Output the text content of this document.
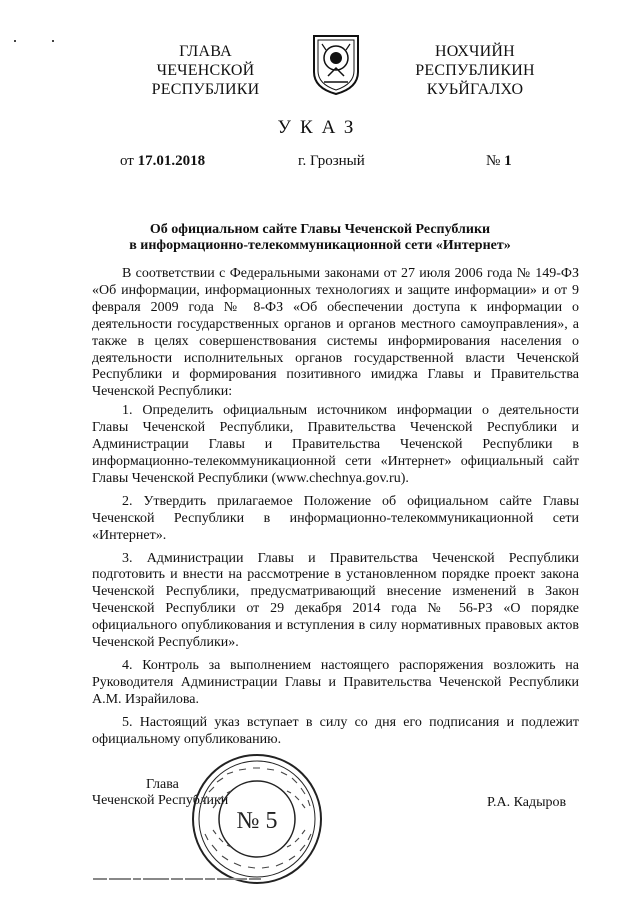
ГЛАВА
ЧЕЧЕНСКОЙ РЕСПУБЛИКИ
НОХЧИЙН РЕСПУБЛИКИН
КУЬЙГАЛХО
УКАЗ
от 17.01.2018	г. Грозный	№ 1
Об официальном сайте Главы Чеченской Республики
в информационно-телекоммуникационной сети «Интернет»

В соответствии с Федеральными законами от 27 июля 2006 года № 149-ФЗ «Об информации, информационных технологиях и защите информации» и от 9 февраля 2009 года № 8-ФЗ «Об обеспечении доступа к информации о деятельности государственных органов и органов местного самоуправления», а также в целях совершенствования системы информирования населения о деятельности исполнительных органов государственной власти Чеченской Республики и формирования позитивного имиджа Главы и Правительства Чеченской Республики:

1. Определить официальным источником информации о деятельности Главы Чеченской Республики, Правительства Чеченской Республики и Администрации Главы и Правительства Чеченской Республики в информационно-телекоммуникационной сети «Интернет» официальный сайт Главы Чеченской Республики (www.chechnya.gov.ru).

2. Утвердить прилагаемое Положение об официальном сайте Главы Чеченской Республики в информационно-телекоммуникационной сети «Интернет».

3. Администрации Главы и Правительства Чеченской Республики подготовить и внести на рассмотрение в установленном порядке проект закона Чеченской Республики, предусматривающий внесение изменений в Закон Чеченской Республики от 29 декабря 2014 года № 56-РЗ «О порядке официального опубликования и вступления в силу нормативных правовых актов Чеченской Республики».

4. Контроль за выполнением настоящего распоряжения возложить на Руководителя Администрации Главы и Правительства Чеченской Республики А.М. Израйилова.

5. Настоящий указ вступает в силу со дня его подписания и подлежит официальному опубликованию.

Глава
Чеченской Республики
№ 5
Р.А. Кадыров
